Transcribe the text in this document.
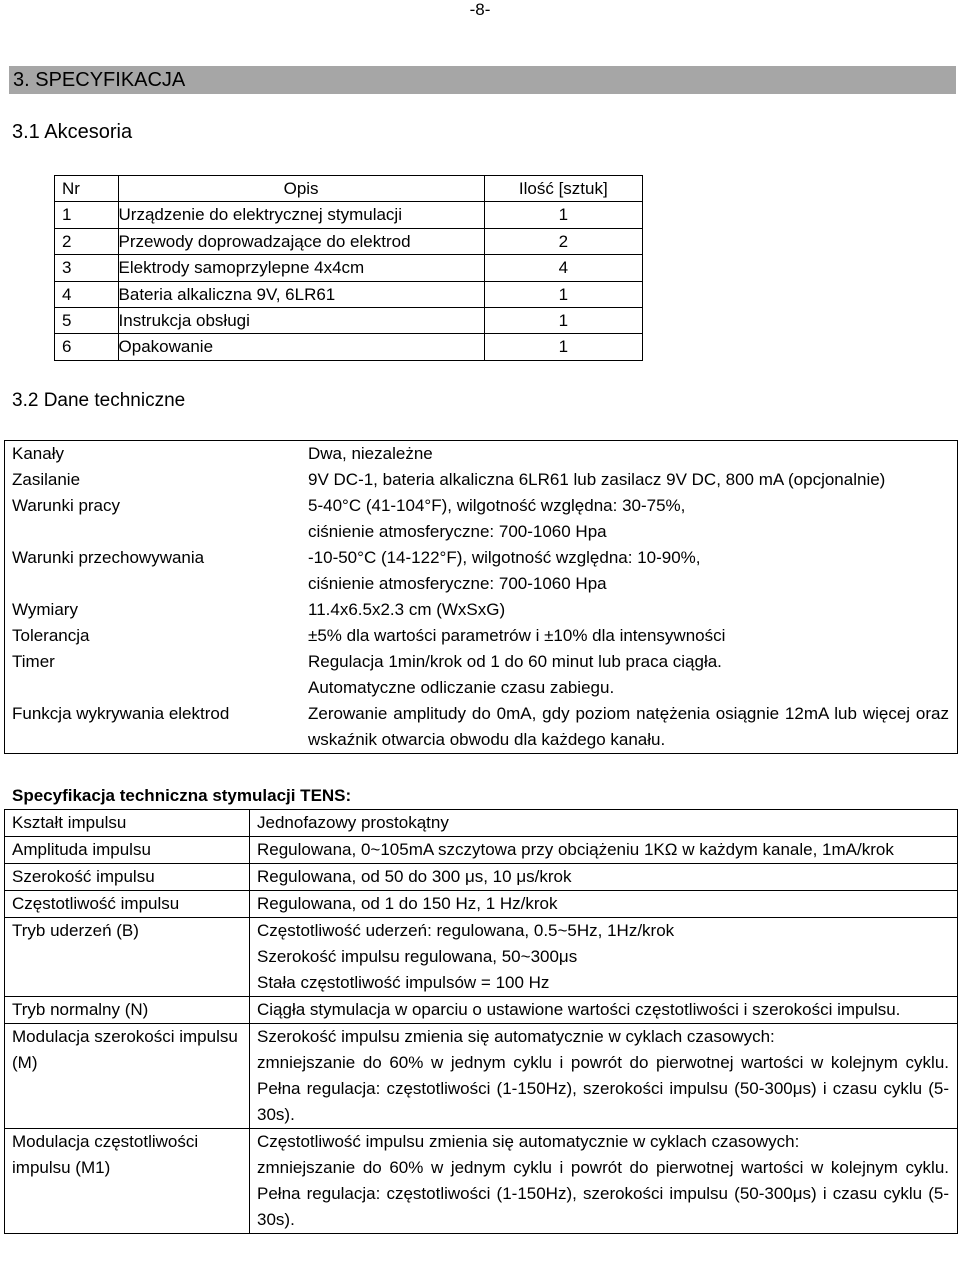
-8-
3. SPECYFIKACJA
3.1 Akcesoria
Nr	Opis	Ilość [sztuk]
1	Urządzenie do elektrycznej stymulacji	1
2	Przewody doprowadzające do elektrod	2
3	Elektrody samoprzylepne 4x4cm	4
4	Bateria alkaliczna 9V, 6LR61	1
5	Instrukcja obsługi	1
6	Opakowanie	1
3.2 Dane techniczne
Kanały	Dwa, niezależne
Zasilanie	9V DC-1, bateria alkaliczna 6LR61 lub zasilacz 9V DC, 800 mA (opcjonalnie)
Warunki pracy	5-40°C (41-104°F), wilgotność względna: 30-75%,
ciśnienie atmosferyczne: 700-1060 Hpa

Warunki przechowywania	-10-50°C (14-122°F), wilgotność względna: 10-90%,
ciśnienie atmosferyczne: 700-1060 Hpa

Wymiary	11.4x6.5x2.3 cm (WxSxG)
Tolerancja	±5% dla wartości parametrów i ±10% dla intensywności
Timer	Regulacja 1min/krok od 1 do 60 minut lub praca ciągła.
Automatyczne odliczanie czasu zabiegu.

Funkcja wykrywania elektrod	Zerowanie amplitudy do 0mA, gdy poziom natężenia osiągnie 12mA lub więcej oraz wskaźnik otwarcia obwodu dla każdego kanału.
Specyfikacja techniczna stymulacji TENS:
Kształt impulsu	Jednofazowy prostokątny
Amplituda impulsu	Regulowana, 0~105mA szczytowa przy obciążeniu 1KΩ w każdym kanale, 1mA/krok
Szerokość impulsu	Regulowana, od 50 do 300 μs, 10 μs/krok
Częstotliwość impulsu	Regulowana, od 1 do 150 Hz, 1 Hz/krok
Tryb uderzeń (B)	Częstotliwość uderzeń: regulowana, 0.5~5Hz, 1Hz/krok
Szerokość impulsu regulowana, 50~300μs
Stała częstotliwość impulsów = 100 Hz

Tryb normalny (N)	Ciągła stymulacja w oparciu o ustawione wartości częstotliwości i szerokości impulsu.
Modulacja szerokości impulsu (M)	Szerokość impulsu zmienia się automatycznie w cyklach czasowych:
zmniejszanie do 60% w jednym cyklu i powrót do pierwotnej wartości w kolejnym cyklu. Pełna regulacja: częstotliwości (1-150Hz), szerokości impulsu (50-300μs) i czasu cyklu (5-30s).

Modulacja częstotliwości impulsu (M1)	Częstotliwość impulsu zmienia się automatycznie w cyklach czasowych:
zmniejszanie do 60% w jednym cyklu i powrót do pierwotnej wartości w kolejnym cyklu. Pełna regulacja: częstotliwości (1-150Hz), szerokości impulsu (50-300μs) i czasu cyklu (5-30s).
